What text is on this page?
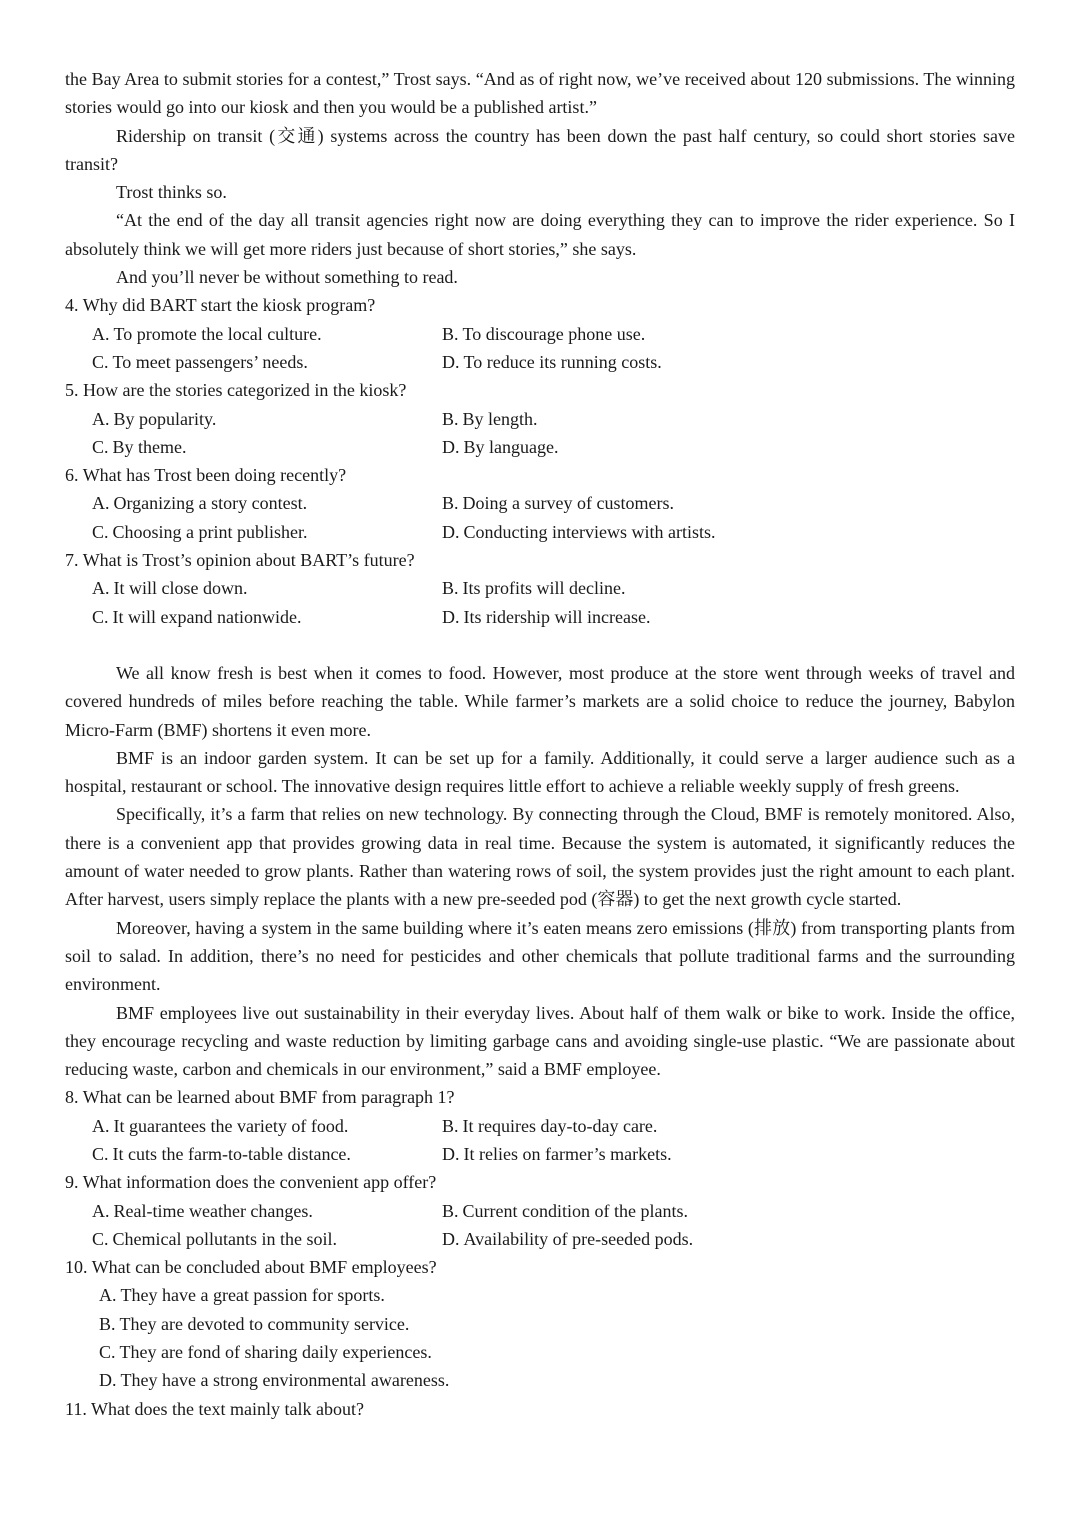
the Bay Area to submit stories for a contest,” Trost says. “And as of right now, we’ve received about 120 submissions. The winning stories would go into our kiosk and then you would be a published artist.”

Ridership on transit (交通) systems across the country has been down the past half century, so could short stories save transit?

Trost thinks so.

“At the end of the day all transit agencies right now are doing everything they can to improve the rider experience. So I absolutely think we will get more riders just because of short stories,” she says.

And you’ll never be without something to read.

4. Why did BART start the kiosk program?
A. To promote the local culture.	B. To discourage phone use.
C. To meet passengers’ needs.	D. To reduce its running costs.
5. How are the stories categorized in the kiosk?
A. By popularity.	B. By length.
C. By theme.	D. By language.
6. What has Trost been doing recently?
A. Organizing a story contest.	B. Doing a survey of customers.
C. Choosing a print publisher.	D. Conducting interviews with artists.
7. What is Trost’s opinion about BART’s future?
A. It will close down.	B. Its profits will decline.
C. It will expand nationwide.	D. Its ridership will increase.

We all know fresh is best when it comes to food. However, most produce at the store went through weeks of travel and covered hundreds of miles before reaching the table. While farmer’s markets are a solid choice to reduce the journey, Babylon Micro-Farm (BMF) shortens it even more.

BMF is an indoor garden system. It can be set up for a family. Additionally, it could serve a larger audience such as a hospital, restaurant or school. The innovative design requires little effort to achieve a reliable weekly supply of fresh greens.

Specifically, it’s a farm that relies on new technology. By connecting through the Cloud, BMF is remotely monitored. Also, there is a convenient app that provides growing data in real time. Because the system is automated, it significantly reduces the amount of water needed to grow plants. Rather than watering rows of soil, the system provides just the right amount to each plant. After harvest, users simply replace the plants with a new pre-seeded pod (容器) to get the next growth cycle started.

Moreover, having a system in the same building where it’s eaten means zero emissions (排放) from transporting plants from soil to salad. In addition, there’s no need for pesticides and other chemicals that pollute traditional farms and the surrounding environment.

BMF employees live out sustainability in their everyday lives. About half of them walk or bike to work. Inside the office, they encourage recycling and waste reduction by limiting garbage cans and avoiding single-use plastic. “We are passionate about reducing waste, carbon and chemicals in our environment,” said a BMF employee.

8. What can be learned about BMF from paragraph 1?
A. It guarantees the variety of food.	B. It requires day-to-day care.
C. It cuts the farm-to-table distance.	D. It relies on farmer’s markets.
9. What information does the convenient app offer?
A. Real-time weather changes.	B. Current condition of the plants.
C. Chemical pollutants in the soil.	D. Availability of pre-seeded pods.
10. What can be concluded about BMF employees?
A. They have a great passion for sports.
B. They are devoted to community service.
C. They are fond of sharing daily experiences.
D. They have a strong environmental awareness.
11. What does the text mainly talk about?
